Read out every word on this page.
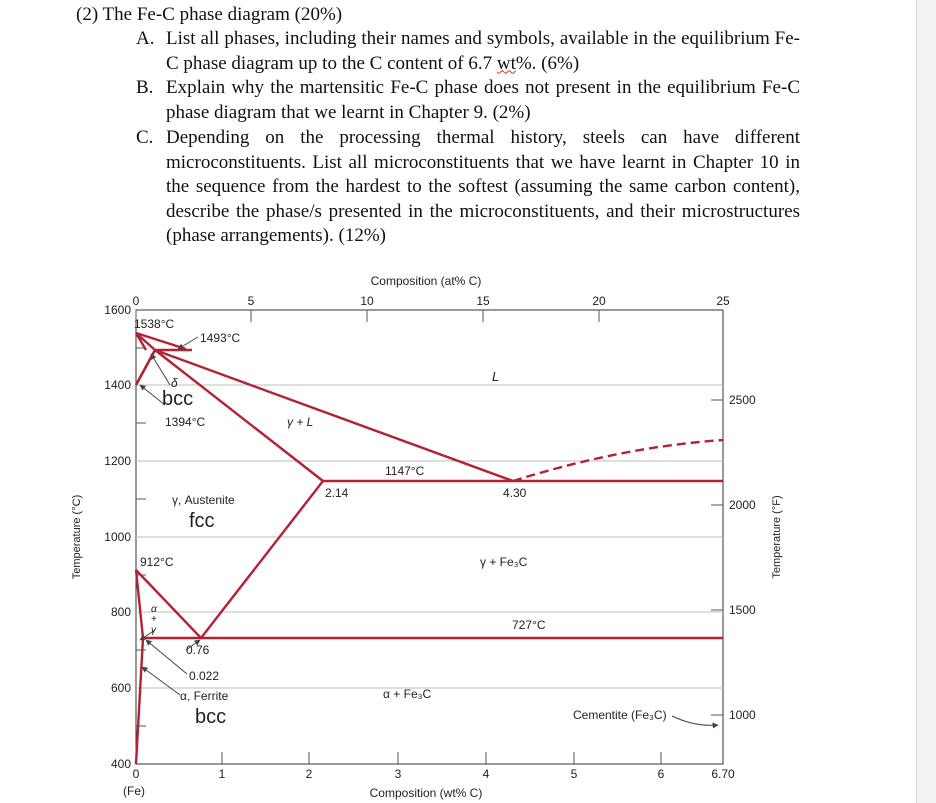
(2) The Fe-C phase diagram (20%)
A. List all phases, including their names and symbols, available in the equilibrium Fe-C phase diagram up to the C content of 6.7 wt%. (6%)
B. Explain why the martensitic Fe-C phase does not present in the equilibrium Fe-C phase diagram that we learnt in Chapter 9. (2%)
C. Depending on the processing thermal history, steels can have different microconstituents. List all microconstituents that we have learnt in Chapter 10 in the sequence from the hardest to the softest (assuming the same carbon content), describe the phase/s presented in the microconstituents, and their microstructures (phase arrangements). (12%)
Composition (at% C)
Composition (wt% C)
Temperature (°C)	Temperature (°F)
0	5	10	15	20	25
0	1	2	3	4	5	6	6.70
(Fe)
1600
1400
1200
1000
800
600
400
2500
2000
1500
1000
1538°C
1493°C
δ
bcc
1394°C	γ + L
L
1147°C
2.14	4.30
γ, Austenite
fcc
912°C
α
+
γ
γ + Fe₃C
727°C
0.76
0.022
α, Ferrite
bcc
α + Fe₃C
Cementite (Fe₃C)
